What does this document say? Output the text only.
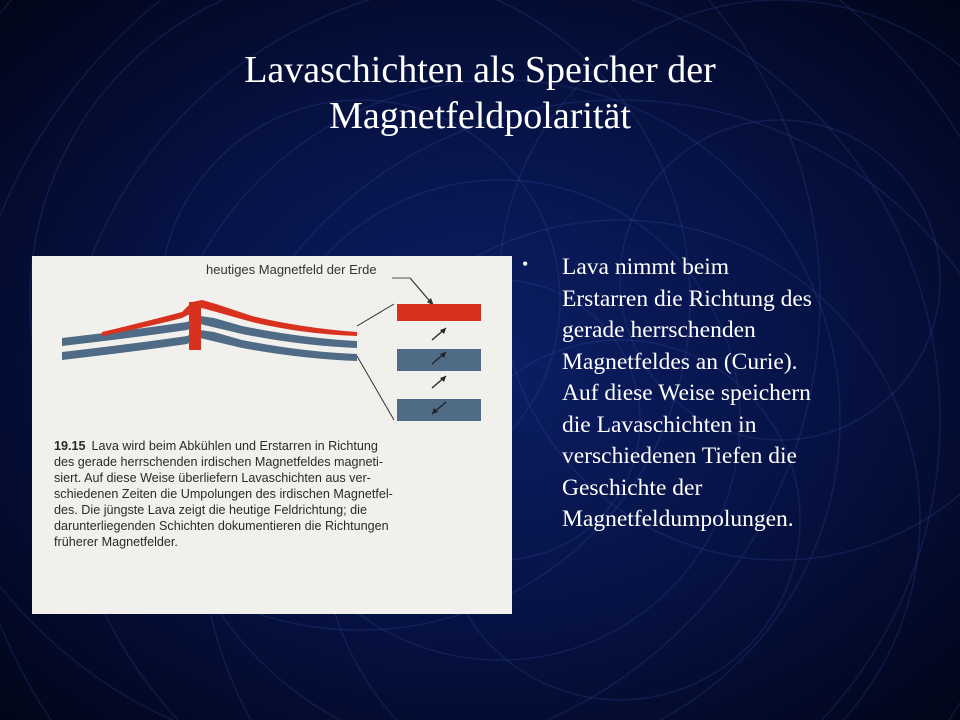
Lavaschichten als Speicher der
Magnetfeldpolarität
heutiges Magnetfeld der Erde
19.15 Lava wird beim Abkühlen und Erstarren in Richtung
des gerade herrschenden irdischen Magnetfeldes magneti-
siert. Auf diese Weise überliefern Lavaschichten aus ver-
schiedenen Zeiten die Umpolungen des irdischen Magnetfel-
des. Die jüngste Lava zeigt die heutige Feldrichtung; die
darunterliegenden Schichten dokumentieren die Richtungen
früherer Magnetfelder.
• Lava nimmt beim
Erstarren die Richtung des
gerade herrschenden
Magnetfeldes an (Curie).
Auf diese Weise speichern
die Lavaschichten in
verschiedenen Tiefen die
Geschichte der
Magnetfeldumpolungen.
